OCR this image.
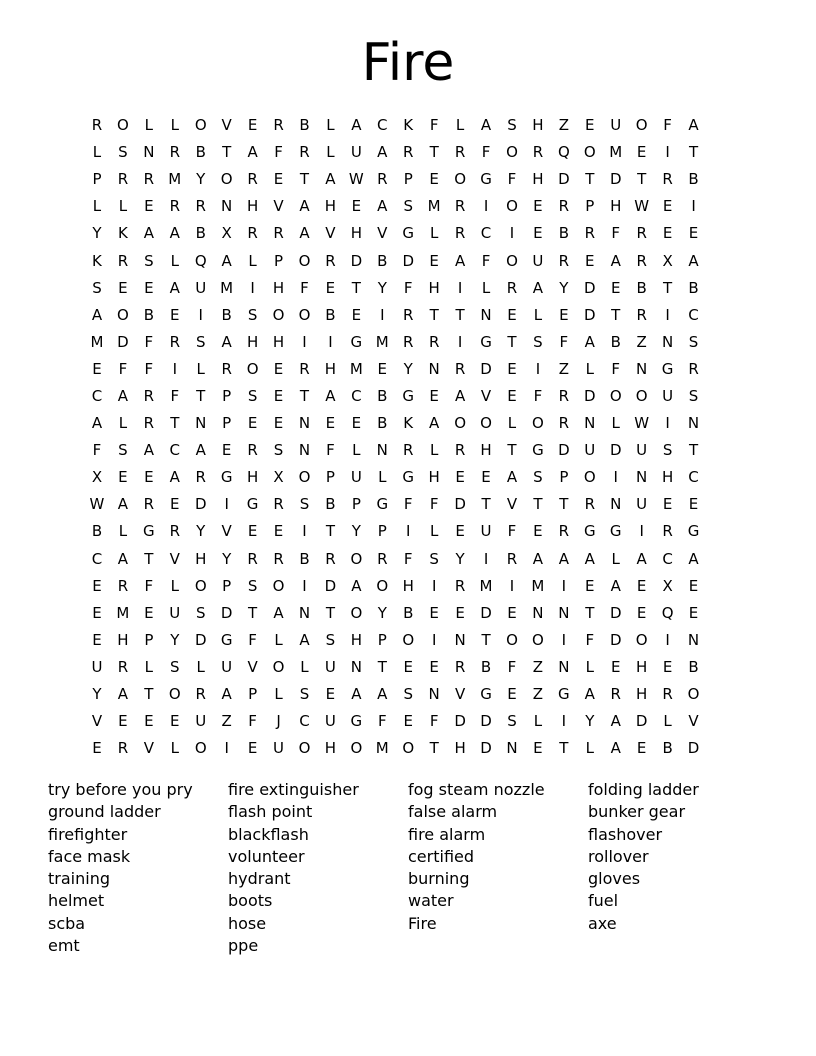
Fire
R O	L	L	O V	E	R	B	L	A	C	K	F	L	A	S	H	Z	E	U O	F	A
L	S	N	R	B	T	A	F	R	L	U	A	R	T	R	F	O R Q O M E	I	T
P	R	R M Y	O R	E	T	A W R	P	E	O G	F	H D	T	D	T	R	B
L	L	E	R	R	N H	V	A	H	E	A	S M R	I	O	E	R	P	H W E	I
Y	K	A	A	B	X	R	R	A	V	H	V	G	L	R	C	I	E	B	R	F	R	E	E
K	R	S	L	Q A	L	P	O R D	B	D	E	A	F	O U	R	E	A	R	X	A
S	E	E	A	U M	I	H	F	E	T	Y	F	H	I	L	R	A	Y	D	E	B	T	B
A O B	E	I	B	S	O O B	E	I	R	T	T	N	E	L	E	D	T	R	I	C
M D	F	R	S	A	H H	I	I	G M R	R	I	G	T	S	F	A	B	Z	N	S
E	F	F	I	L	R O	E	R	H M E	Y	N	R D	E	I	Z	L	F	N G R
C	A	R	F	T	P	S	E	T	A	C	B G	E	A	V	E	F	R D O O U	S
A	L	R	T	N	P	E	E	N	E	E	B	K	A O O	L	O R	N	L W	I	N
F	S	A	C	A	E	R	S	N	F	L	N	R	L	R	H	T	G D U D U	S	T
X	E	E	A	R G H	X O	P	U	L	G H	E	E	A	S	P	O	I	N H	C
W A	R	E	D	I	G R	S	B	P	G	F	F	D	T	V	T	T	R	N U	E	E
B	L	G R	Y	V	E	E	I	T	Y	P	I	L	E	U	F	E	R G G	I	R G
C	A	T	V	H	Y	R	R	B	R O R	F	S	Y	I	R	A	A	A	L	A	C	A
E	R	F	L	O	P	S	O	I	D	A O H	I	R M	I	M	I	E	A	E	X	E
E M E	U	S	D	T	A	N	T	O	Y	B	E	E	D	E	N N	T	D	E	Q	E
E	H	P	Y	D G	F	L	A	S	H	P	O	I	N	T	O O	I	F	D O	I	N
U	R	L	S	L	U	V O	L	U N	T	E	E	R	B	F	Z	N	L	E	H	E	B
Y	A	T	O R	A	P	L	S	E	A	A	S	N	V	G	E	Z G A	R	H	R O
V	E	E	E	U	Z	F	J	C	U G	F	E	F	D D	S	L	I	Y	A	D	L	V
E	R	V	L	O	I	E	U O H O M O	T	H D N	E	T	L	A	E	B	D
try before you pry
ground ladder
firefighter
face mask
training
helmet
scba
emt
fire extinguisher
flash point
blackflash
volunteer
hydrant
boots
hose
ppe
fog steam nozzle
false alarm
fire alarm
certified
burning
water
Fire
folding ladder
bunker gear
flashover
rollover
gloves
fuel
axe
